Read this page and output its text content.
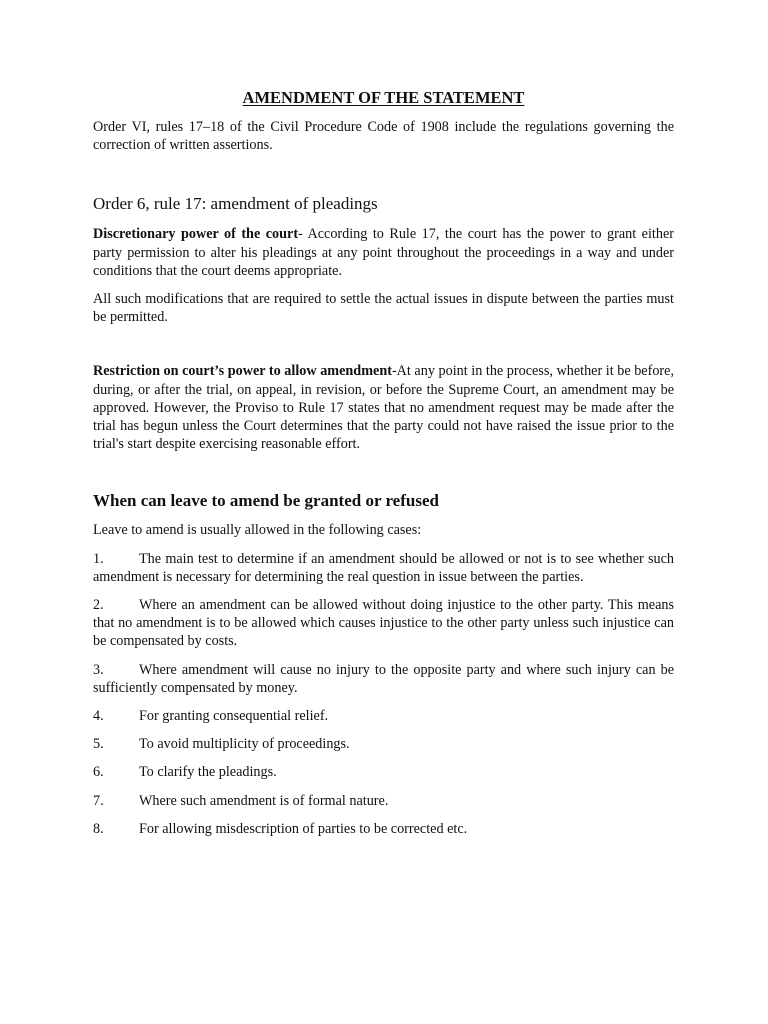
AMENDMENT OF THE STATEMENT

Order VI, rules 17–18 of the Civil Procedure Code of 1908 include the regulations governing the correction of written assertions.

Order 6, rule 17: amendment of pleadings

Discretionary power of the court- According to Rule 17, the court has the power to grant either party permission to alter his pleadings at any point throughout the proceedings in a way and under conditions that the court deems appropriate.

All such modifications that are required to settle the actual issues in dispute between the parties must be permitted.

Restriction on court’s power to allow amendment-At any point in the process, whether it be before, during, or after the trial, on appeal, in revision, or before the Supreme Court, an amendment may be approved. However, the Proviso to Rule 17 states that no amendment request may be made after the trial has begun unless the Court determines that the party could not have raised the issue prior to the trial's start despite exercising reasonable effort.

When can leave to amend be granted or refused

Leave to amend is usually allowed in the following cases:

1. The main test to determine if an amendment should be allowed or not is to see whether such amendment is necessary for determining the real question in issue between the parties.

2. Where an amendment can be allowed without doing injustice to the other party. This means that no amendment is to be allowed which causes injustice to the other party unless such injustice can be compensated by costs.

3. Where amendment will cause no injury to the opposite party and where such injury can be sufficiently compensated by money.

4. For granting consequential relief.

5. To avoid multiplicity of proceedings.

6. To clarify the pleadings.

7. Where such amendment is of formal nature.

8. For allowing misdescription of parties to be corrected etc.
